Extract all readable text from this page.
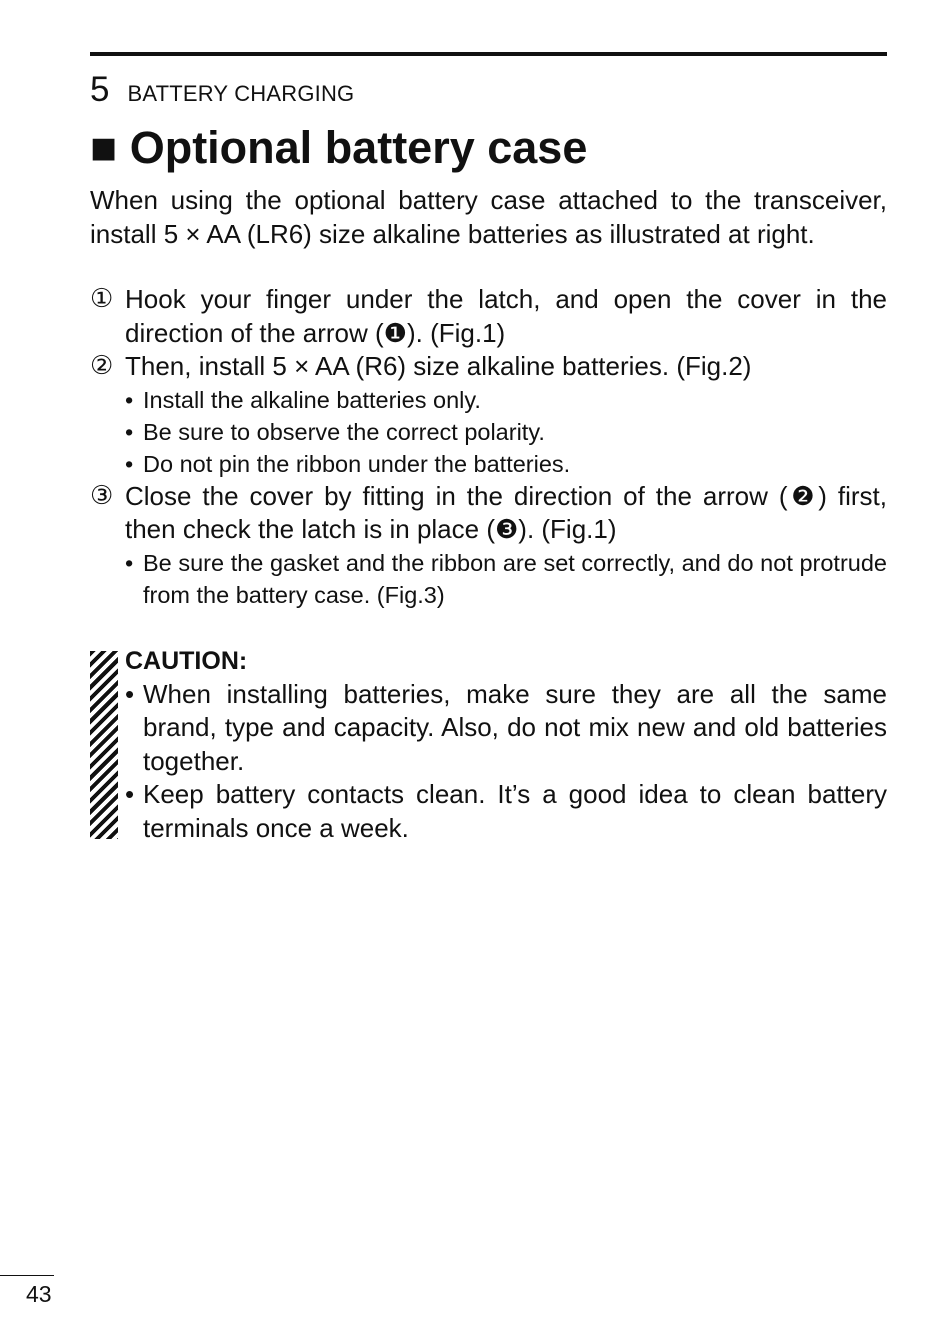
5 BATTERY CHARGING
■ Optional battery case

When using the optional battery case attached to the transceiver, install 5 × AA (LR6) size alkaline batteries as illustrated at right.

① Hook your finger under the latch, and open the cover in the direction of the arrow (❶). (Fig.1)
② Then, install 5 × AA (R6) size alkaline batteries. (Fig.2)
• Install the alkaline batteries only.
• Be sure to observe the correct polarity.
• Do not pin the ribbon under the batteries.
③ Close the cover by fitting in the direction of the arrow (❷) first, then check the latch is in place (❸). (Fig.1)
• Be sure the gasket and the ribbon are set correctly, and do not protrude from the battery case. (Fig.3)
CAUTION:
• When installing batteries, make sure they are all the same brand, type and capacity. Also, do not mix new and old batteries together.
• Keep battery contacts clean. It’s a good idea to clean battery terminals once a week.
43
